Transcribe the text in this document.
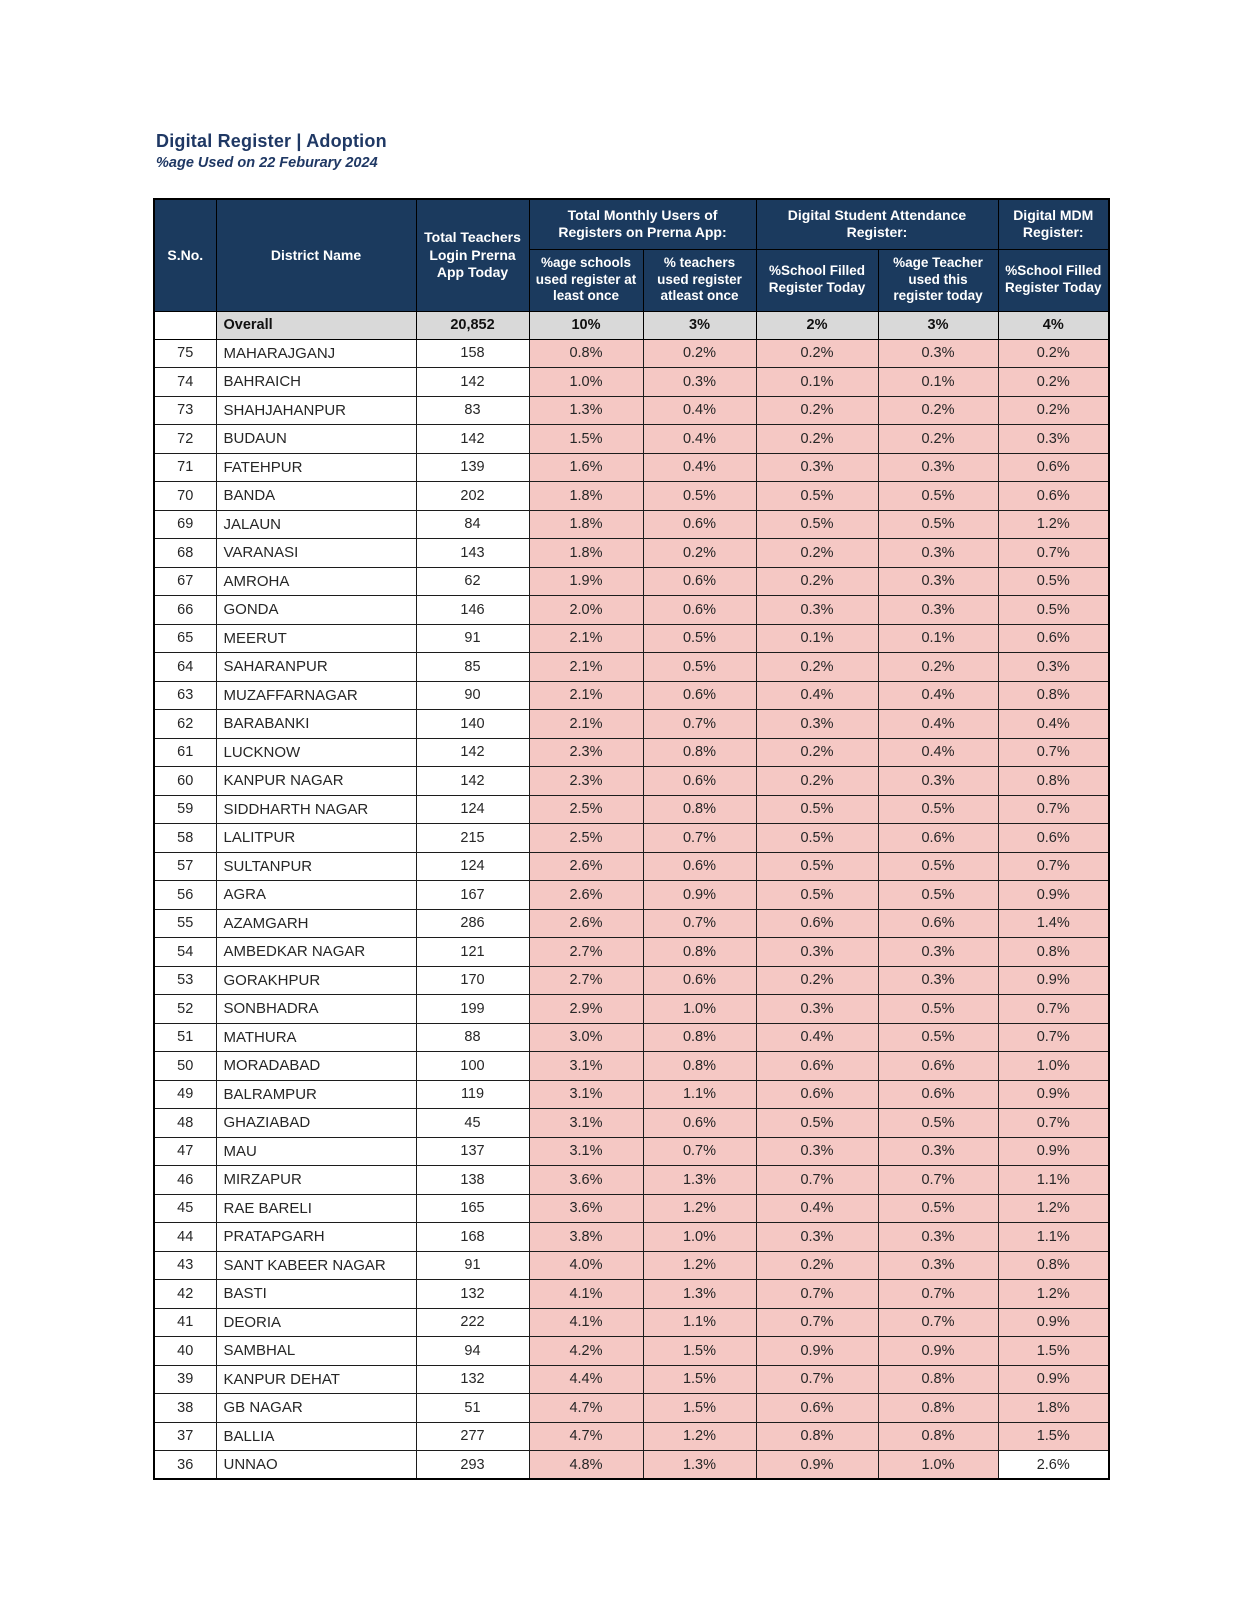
Digital Register | Adoption
%age Used on 22 Feburary 2024
S.No.	District Name	Total Teachers Login Prerna App Today	Total Monthly Users of Registers on Prerna App:		Digital Student Attendance Register:		Digital MDM Register:
			%age schools used register at least once	% teachers used register atleast once	%School Filled Register Today	%age Teacher used this register today	%School Filled Register Today
	Overall	20,852	10%	3%	2%	3%	4%
75	MAHARAJGANJ	158	0.8%	0.2%	0.2%	0.3%	0.2%
74	BAHRAICH	142	1.0%	0.3%	0.1%	0.1%	0.2%
73	SHAHJAHANPUR	83	1.3%	0.4%	0.2%	0.2%	0.2%
72	BUDAUN	142	1.5%	0.4%	0.2%	0.2%	0.3%
71	FATEHPUR	139	1.6%	0.4%	0.3%	0.3%	0.6%
70	BANDA	202	1.8%	0.5%	0.5%	0.5%	0.6%
69	JALAUN	84	1.8%	0.6%	0.5%	0.5%	1.2%
68	VARANASI	143	1.8%	0.2%	0.2%	0.3%	0.7%
67	AMROHA	62	1.9%	0.6%	0.2%	0.3%	0.5%
66	GONDA	146	2.0%	0.6%	0.3%	0.3%	0.5%
65	MEERUT	91	2.1%	0.5%	0.1%	0.1%	0.6%
64	SAHARANPUR	85	2.1%	0.5%	0.2%	0.2%	0.3%
63	MUZAFFARNAGAR	90	2.1%	0.6%	0.4%	0.4%	0.8%
62	BARABANKI	140	2.1%	0.7%	0.3%	0.4%	0.4%
61	LUCKNOW	142	2.3%	0.8%	0.2%	0.4%	0.7%
60	KANPUR NAGAR	142	2.3%	0.6%	0.2%	0.3%	0.8%
59	SIDDHARTH NAGAR	124	2.5%	0.8%	0.5%	0.5%	0.7%
58	LALITPUR	215	2.5%	0.7%	0.5%	0.6%	0.6%
57	SULTANPUR	124	2.6%	0.6%	0.5%	0.5%	0.7%
56	AGRA	167	2.6%	0.9%	0.5%	0.5%	0.9%
55	AZAMGARH	286	2.6%	0.7%	0.6%	0.6%	1.4%
54	AMBEDKAR NAGAR	121	2.7%	0.8%	0.3%	0.3%	0.8%
53	GORAKHPUR	170	2.7%	0.6%	0.2%	0.3%	0.9%
52	SONBHADRA	199	2.9%	1.0%	0.3%	0.5%	0.7%
51	MATHURA	88	3.0%	0.8%	0.4%	0.5%	0.7%
50	MORADABAD	100	3.1%	0.8%	0.6%	0.6%	1.0%
49	BALRAMPUR	119	3.1%	1.1%	0.6%	0.6%	0.9%
48	GHAZIABAD	45	3.1%	0.6%	0.5%	0.5%	0.7%
47	MAU	137	3.1%	0.7%	0.3%	0.3%	0.9%
46	MIRZAPUR	138	3.6%	1.3%	0.7%	0.7%	1.1%
45	RAE BARELI	165	3.6%	1.2%	0.4%	0.5%	1.2%
44	PRATAPGARH	168	3.8%	1.0%	0.3%	0.3%	1.1%
43	SANT KABEER NAGAR	91	4.0%	1.2%	0.2%	0.3%	0.8%
42	BASTI	132	4.1%	1.3%	0.7%	0.7%	1.2%
41	DEORIA	222	4.1%	1.1%	0.7%	0.7%	0.9%
40	SAMBHAL	94	4.2%	1.5%	0.9%	0.9%	1.5%
39	KANPUR DEHAT	132	4.4%	1.5%	0.7%	0.8%	0.9%
38	GB NAGAR	51	4.7%	1.5%	0.6%	0.8%	1.8%
37	BALLIA	277	4.7%	1.2%	0.8%	0.8%	1.5%
36	UNNAO	293	4.8%	1.3%	0.9%	1.0%	2.6%
